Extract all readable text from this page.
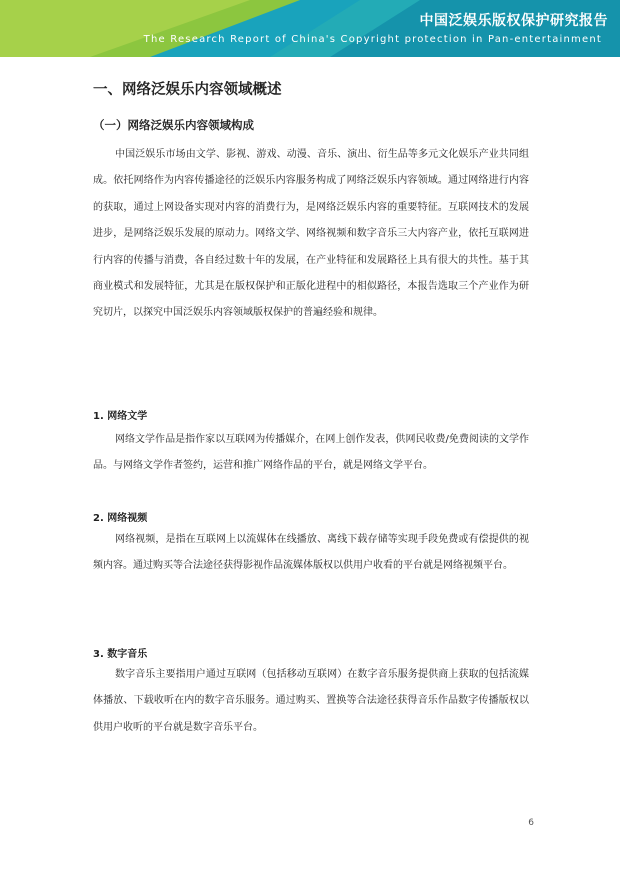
中国泛娱乐版权保护研究报告
The Research Report of China's Copyright protection in Pan-entertainment
一、网络泛娱乐内容领域概述
（一）网络泛娱乐内容领域构成

中国泛娱乐市场由文学、影视、游戏、动漫、音乐、演出、衍生品等多元文化娱乐产业共同组成。依托网络作为内容传播途径的泛娱乐内容服务构成了网络泛娱乐内容领域。通过网络进行内容的获取，通过上网设备实现对内容的消费行为，是网络泛娱乐内容的重要特征。互联网技术的发展进步，是网络泛娱乐发展的原动力。网络文学、网络视频和数字音乐三大内容产业，依托互联网进行内容的传播与消费，各自经过数十年的发展，在产业特征和发展路径上具有很大的共性。基于其商业模式和发展特征，尤其是在版权保护和正版化进程中的相似路径，本报告选取三个产业作为研究切片，以探究中国泛娱乐内容领域版权保护的普遍经验和规律。

1. 网络文学

网络文学作品是指作家以互联网为传播媒介，在网上创作发表，供网民收费/免费阅读的文学作品。与网络文学作者签约，运营和推广网络作品的平台，就是网络文学平台。

2. 网络视频

网络视频，是指在互联网上以流媒体在线播放、离线下载存储等实现手段免费或有偿提供的视频内容。通过购买等合法途径获得影视作品流媒体版权以供用户收看的平台就是网络视频平台。

3. 数字音乐

数字音乐主要指用户通过互联网（包括移动互联网）在数字音乐服务提供商上获取的包括流媒体播放、下载收听在内的数字音乐服务。通过购买、置换等合法途径获得音乐作品数字传播版权以供用户收听的平台就是数字音乐平台。

6
